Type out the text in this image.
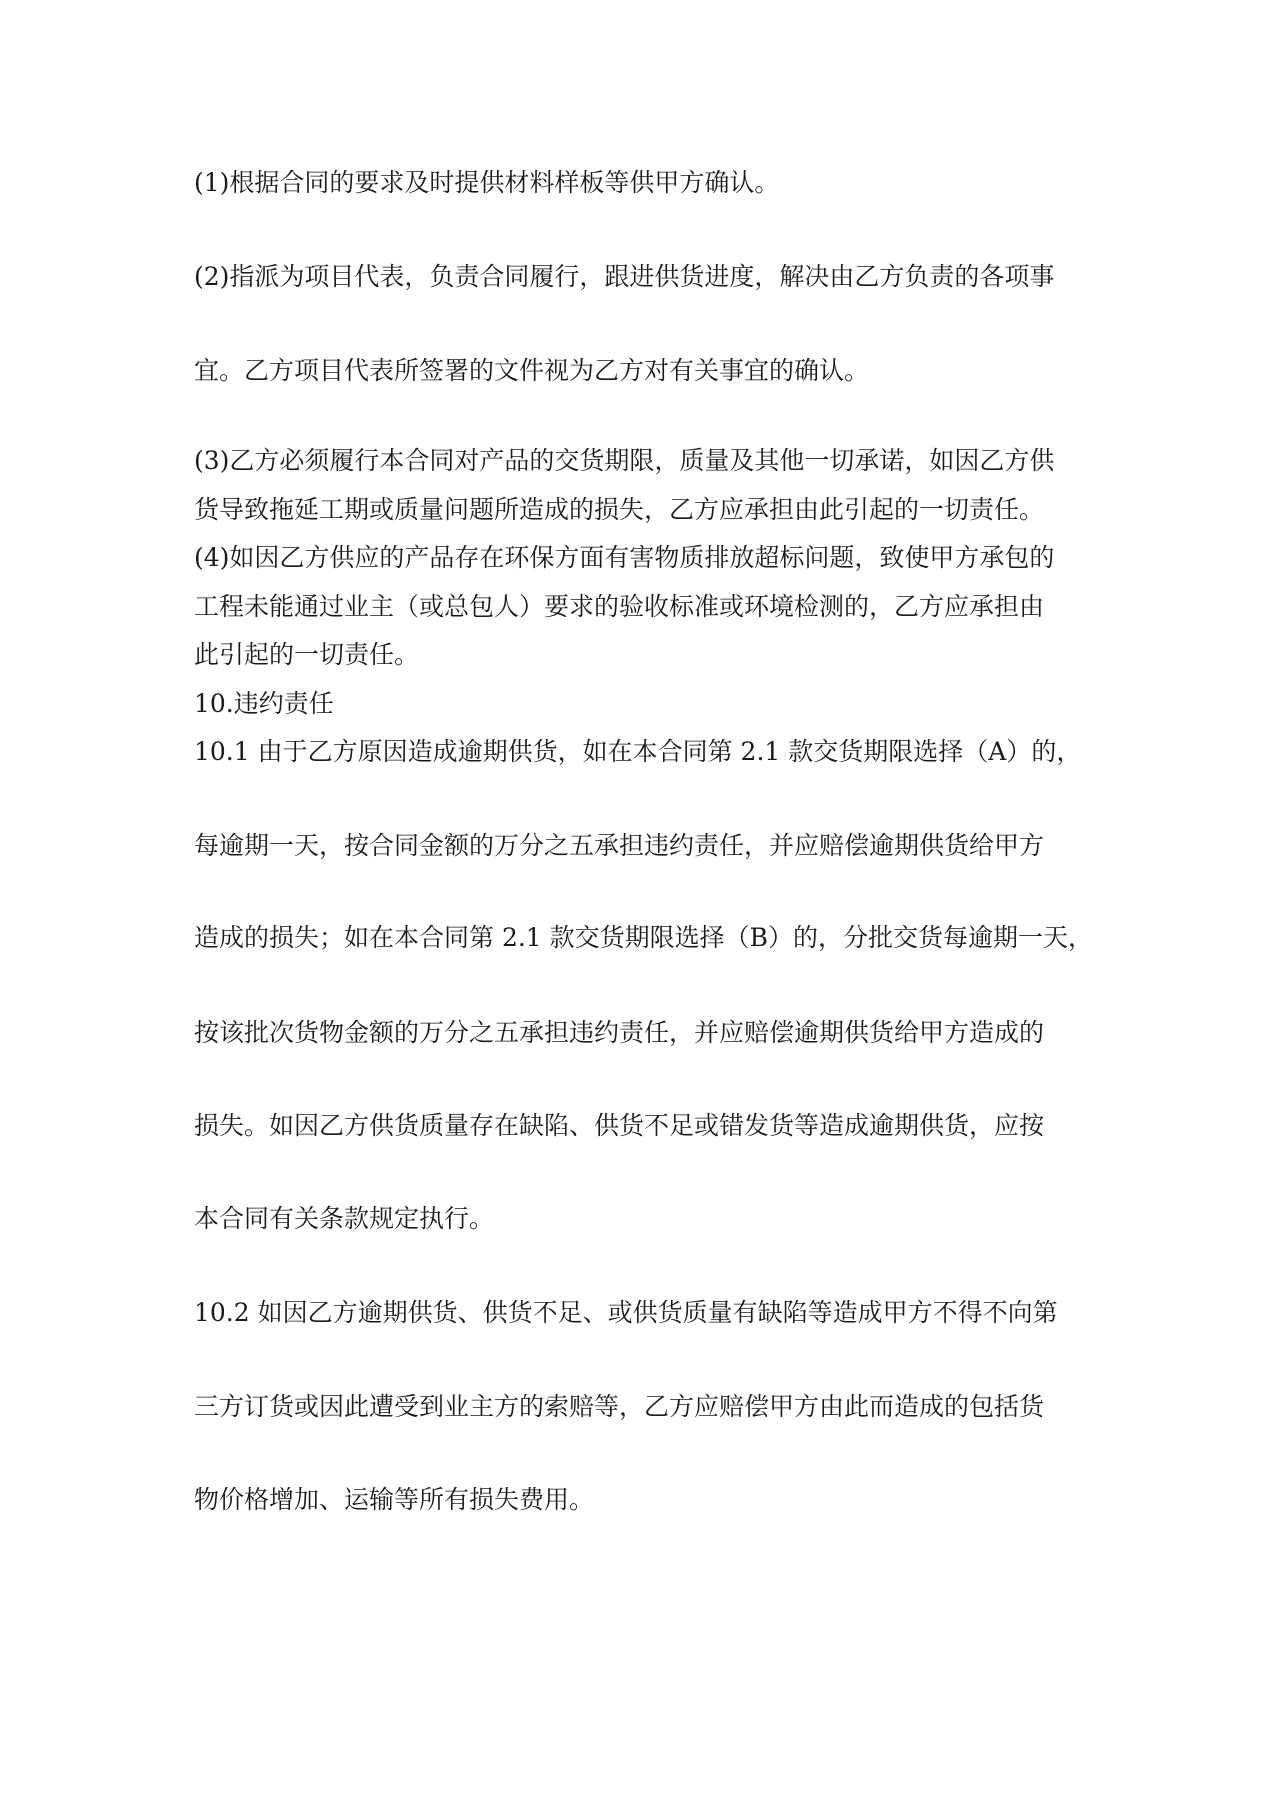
(1)根据合同的要求及时提供材料样板等供甲方确认。
(2)指派为项目代表，负责合同履行，跟进供货进度，解决由乙方负责的各项事
宜。乙方项目代表所签署的文件视为乙方对有关事宜的确认。
(3)乙方必须履行本合同对产品的交货期限，质量及其他一切承诺，如因乙方供
货导致拖延工期或质量问题所造成的损失，乙方应承担由此引起的一切责任。
(4)如因乙方供应的产品存在环保方面有害物质排放超标问题，致使甲方承包的
工程未能通过业主（或总包人）要求的验收标准或环境检测的，乙方应承担由
此引起的一切责任。
10.违约责任
10.1 由于乙方原因造成逾期供货，如在本合同第 2.1 款交货期限选择（A）的，
每逾期一天，按合同金额的万分之五承担违约责任，并应赔偿逾期供货给甲方
造成的损失；如在本合同第 2.1 款交货期限选择（B）的，分批交货每逾期一天，
按该批次货物金额的万分之五承担违约责任，并应赔偿逾期供货给甲方造成的
损失。如因乙方供货质量存在缺陷、供货不足或错发货等造成逾期供货，应按
本合同有关条款规定执行。
10.2 如因乙方逾期供货、供货不足、或供货质量有缺陷等造成甲方不得不向第
三方订货或因此遭受到业主方的索赔等，乙方应赔偿甲方由此而造成的包括货
物价格增加、运输等所有损失费用。
